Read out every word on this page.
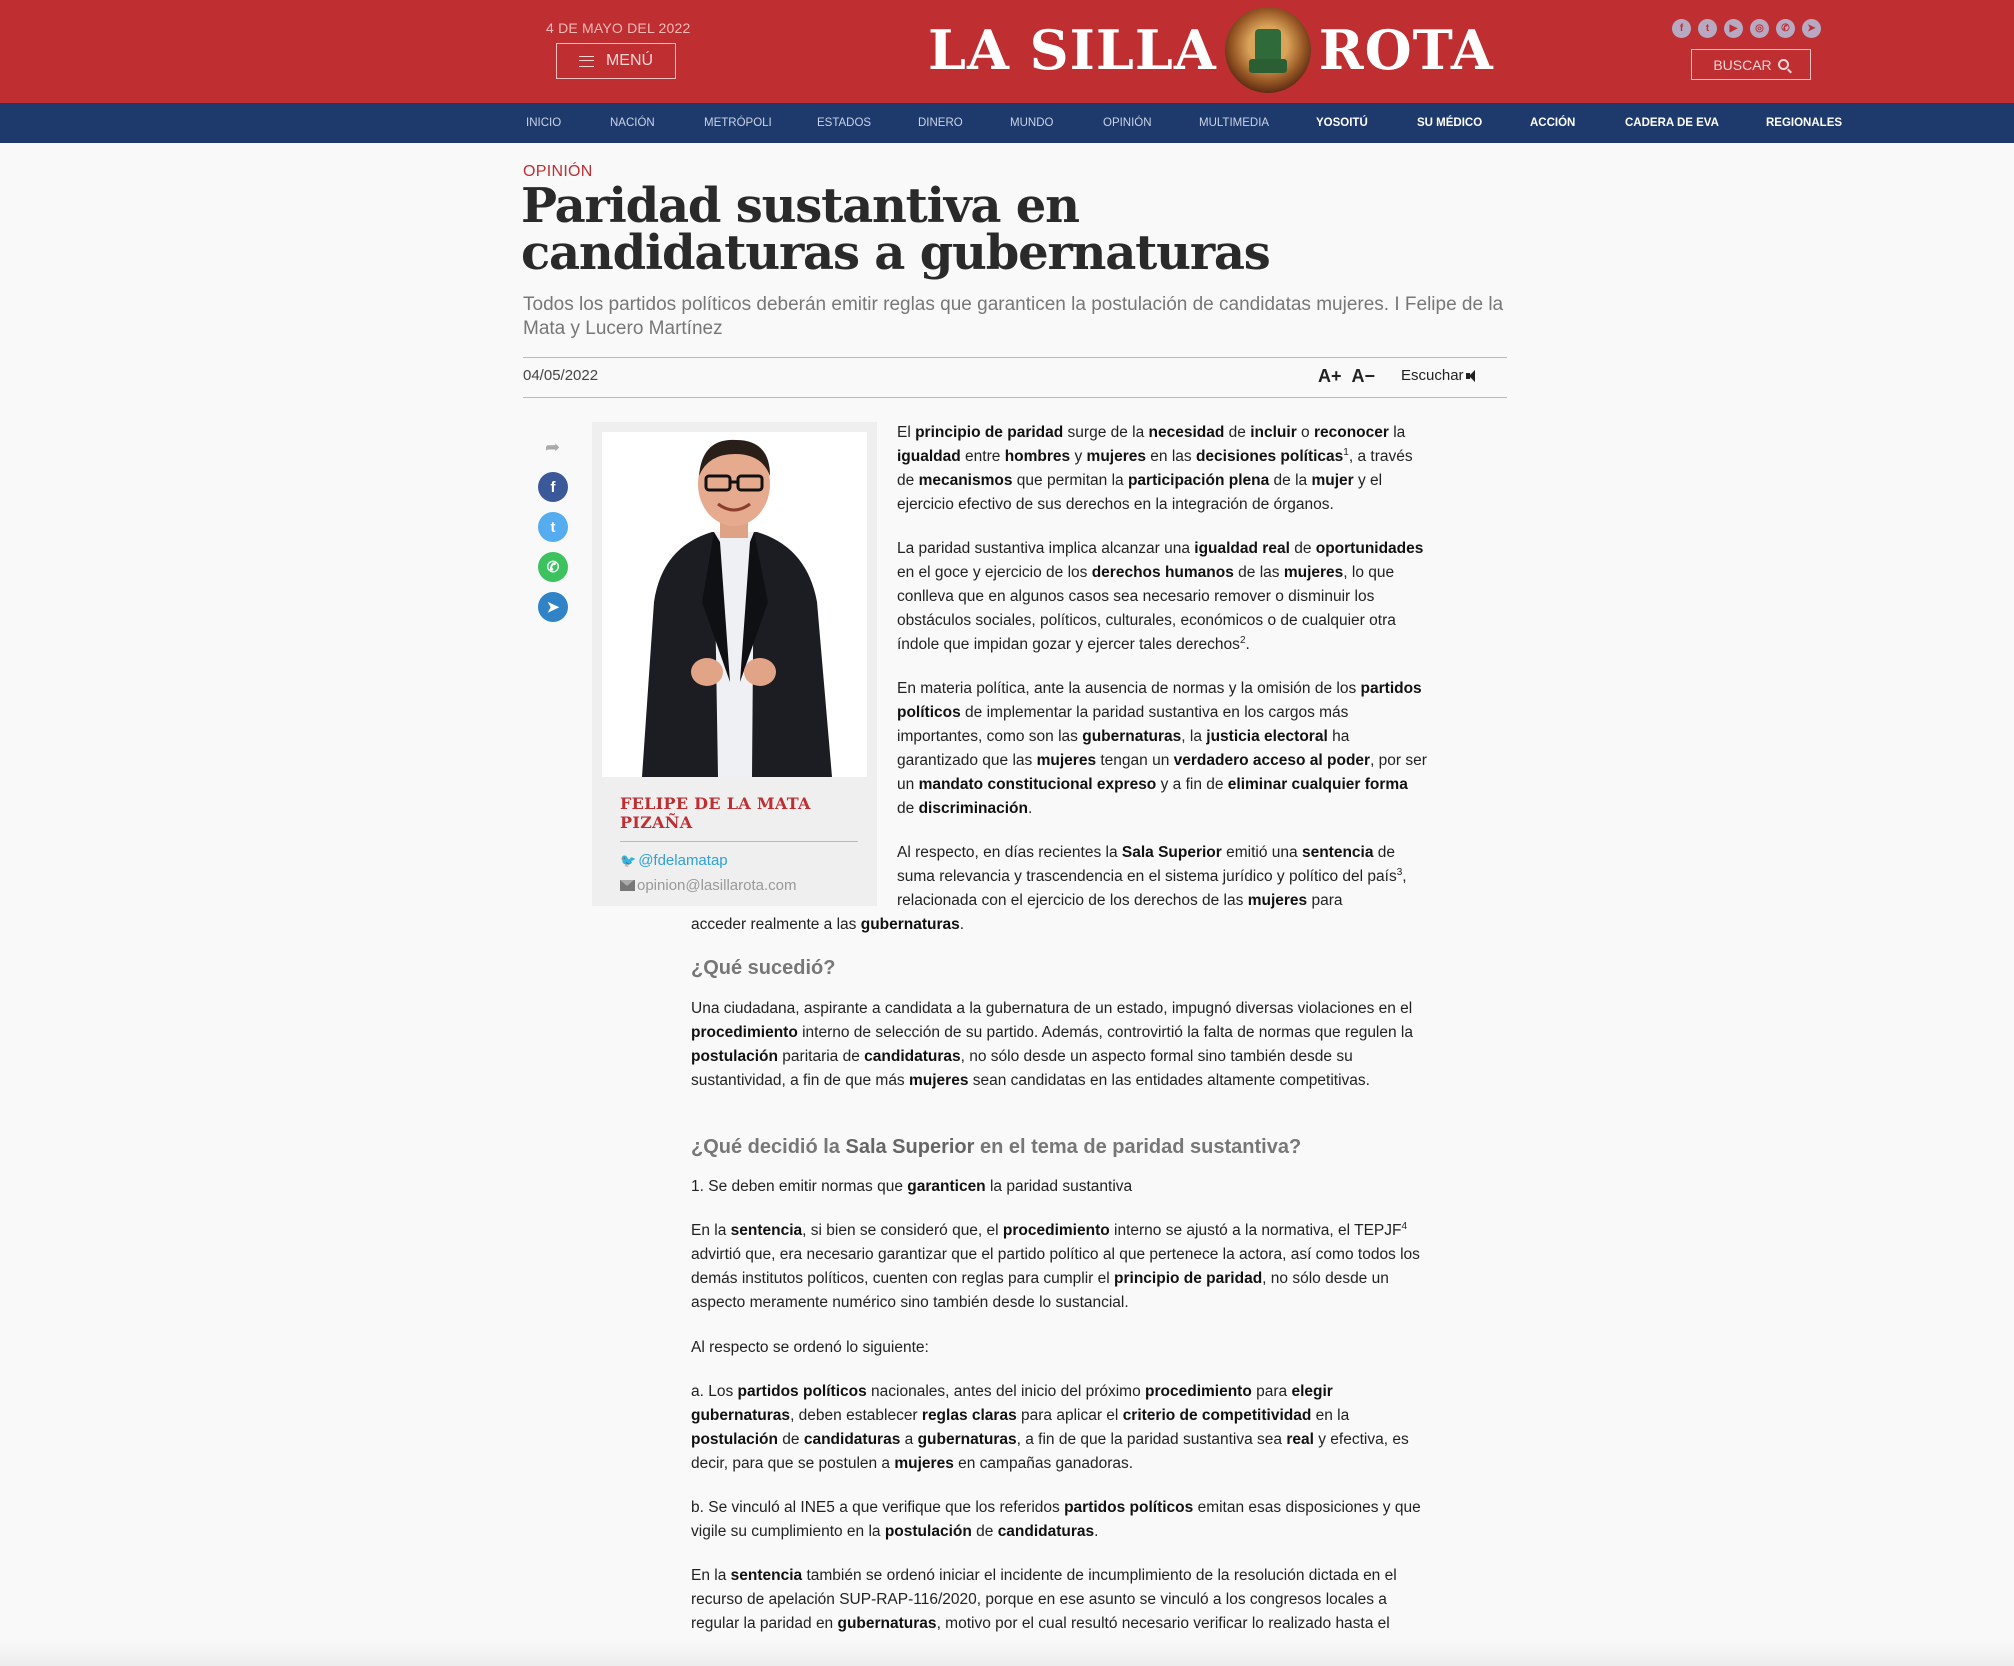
4 DE MAYO DEL 2022
MENÚ	LA SILLA ROTA	f	t	▶	◎	✆	➤
BUSCAR
INICIO	NACIÓN	METRÓPOLI	ESTADOS	DINERO	MUNDO	OPINIÓN	MULTIMEDIA	YOSOITÚ	SU MÉDICO	ACCIÓN	CADERA DE EVA	REGIONALES
OPINIÓN
Paridad sustantiva en candidaturas a gubernaturas
Todos los partidos políticos deberán emitir reglas que garanticen la postulación de candidatas mujeres. I Felipe de la Mata y Lucero Martínez
04/05/2022	A+ A− Escuchar
➦
f
t
✆
➤
FELIPE DE LA MATA PIZAÑA
🐦 @fdelamatap
opinion@lasillarota.com

El principio de paridad surge de la necesidad de incluir o reconocer la igualdad entre hombres y mujeres en las decisiones políticas$^1$, a través de mecanismos que permitan la participación plena de la mujer y el ejercicio efectivo de sus derechos en la integración de órganos.

La paridad sustantiva implica alcanzar una igualdad real de oportunidades en el goce y ejercicio de los derechos humanos de las mujeres, lo que conlleva que en algunos casos sea necesario remover o disminuir los obstáculos sociales, políticos, culturales, económicos o de cualquier otra índole que impidan gozar y ejercer tales derechos$^2$.

En materia política, ante la ausencia de normas y la omisión de los partidos políticos de implementar la paridad sustantiva en los cargos más importantes, como son las gubernaturas, la justicia electoral ha garantizado que las mujeres tengan un verdadero acceso al poder, por ser un mandato constitucional expreso y a fin de eliminar cualquier forma de discriminación.

Al respecto, en días recientes la Sala Superior emitió una sentencia de suma relevancia y trascendencia en el sistema jurídico y político del país$^3$, relacionada con el ejercicio de los derechos de las mujeres para

acceder realmente a las gubernaturas.

¿Qué sucedió?

Una ciudadana, aspirante a candidata a la gubernatura de un estado, impugnó diversas violaciones en el procedimiento interno de selección de su partido. Además, controvirtió la falta de normas que regulen la postulación paritaria de candidaturas, no sólo desde un aspecto formal sino también desde su sustantividad, a fin de que más mujeres sean candidatas en las entidades altamente competitivas.

¿Qué decidió la Sala Superior en el tema de paridad sustantiva?

1. Se deben emitir normas que garanticen la paridad sustantiva

En la sentencia, si bien se consideró que, el procedimiento interno se ajustó a la normativa, el TEPJF$^4$ advirtió que, era necesario garantizar que el partido político al que pertenece la actora, así como todos los demás institutos políticos, cuenten con reglas para cumplir el principio de paridad, no sólo desde un aspecto meramente numérico sino también desde lo sustancial.

Al respecto se ordenó lo siguiente:

a. Los partidos políticos nacionales, antes del inicio del próximo procedimiento para elegir gubernaturas, deben establecer reglas claras para aplicar el criterio de competitividad en la postulación de candidaturas a gubernaturas, a fin de que la paridad sustantiva sea real y efectiva, es decir, para que se postulen a mujeres en campañas ganadoras.

b. Se vinculó al INE5 a que verifique que los referidos partidos políticos emitan esas disposiciones y que vigile su cumplimiento en la postulación de candidaturas.

En la sentencia también se ordenó iniciar el incidente de incumplimiento de la resolución dictada en el recurso de apelación SUP-RAP-116/2020, porque en ese asunto se vinculó a los congresos locales a regular la paridad en gubernaturas, motivo por el cual resultó necesario verificar lo realizado hasta el
